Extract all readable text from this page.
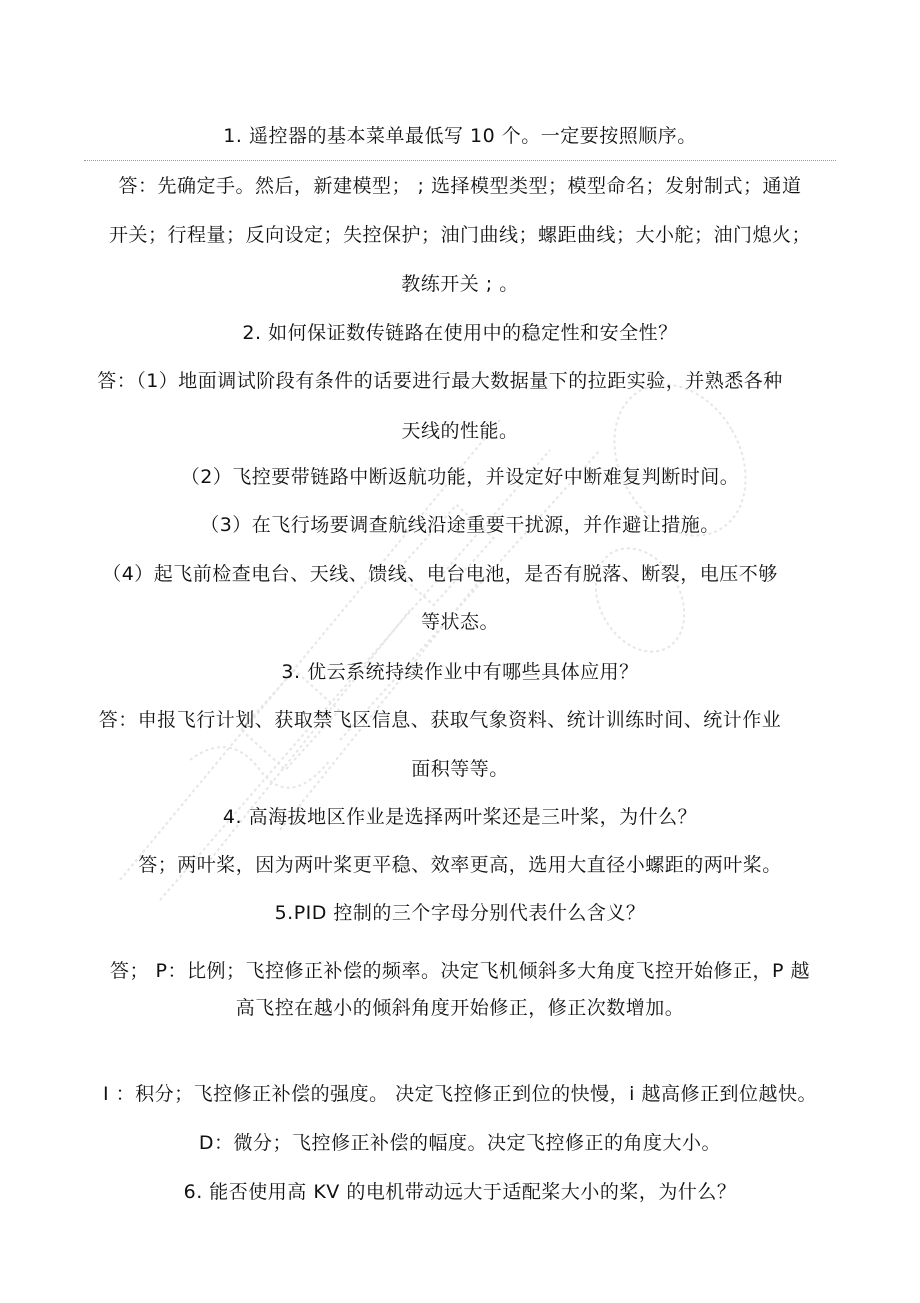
1. 遥控器的基本菜单最低写 10 个。一定要按照顺序。
答：先确定手。然后，新建模型； ; 选择模型类型；模型命名；发射制式；通道
开关；行程量；反向设定；失控保护；油门曲线；螺距曲线；大小舵；油门熄火；
教练开关 ; 。
2. 如何保证数传链路在使用中的稳定性和安全性？
答：（1）地面调试阶段有条件的话要进行最大数据量下的拉距实验，并熟悉各种
天线的性能。
（2）飞控要带链路中断返航功能，并设定好中断难复判断时间。
（3）在飞行场要调查航线沿途重要干扰源，并作避让措施。
（4）起飞前检查电台、天线、馈线、电台电池，是否有脱落、断裂，电压不够
等状态。
3. 优云系统持续作业中有哪些具体应用？
答：申报飞行计划、获取禁飞区信息、获取气象资料、统计训练时间、统计作业
面积等等。
4. 高海拔地区作业是选择两叶桨还是三叶桨，为什么？
答；两叶桨，因为两叶桨更平稳、效率更高，选用大直径小螺距的两叶桨。
5.PID 控制的三个字母分别代表什么含义？
答； P：比例；飞控修正补偿的频率。决定飞机倾斜多大角度飞控开始修正，P 越
高飞控在越小的倾斜角度开始修正，修正次数增加。
I ：积分；飞控修正补偿的强度。 决定飞控修正到位的快慢，i 越高修正到位越快。
D：微分；飞控修正补偿的幅度。决定飞控修正的角度大小。
6. 能否使用高 KV 的电机带动远大于适配桨大小的桨，为什么？
